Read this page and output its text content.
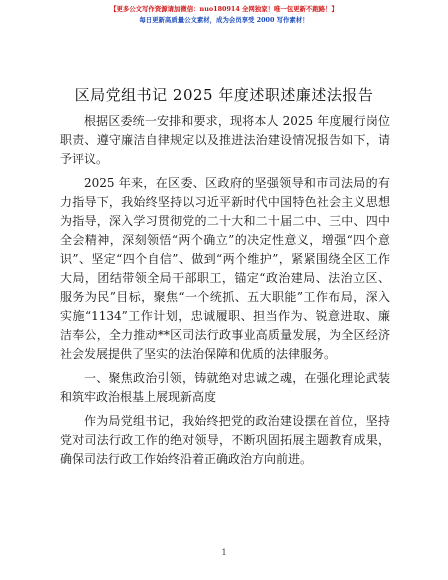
【更多公文写作资源请加微信：nuo180914 全网独家！唯一包更新不跑路！】
每日更新高质量公文素材，成为会员享受 2000 写作素材！
区局党组书记 2025 年度述职述廉述法报告

根据区委统一安排和要求，现将本人 2025 年度履行岗位职责、遵守廉洁自律规定以及推进法治建设情况报告如下，请予评议。

2025 年来，在区委、区政府的坚强领导和市司法局的有力指导下，我始终坚持以习近平新时代中国特色社会主义思想为指导，深入学习贯彻党的二十大和二十届二中、三中、四中全会精神，深刻领悟“两个确立”的决定性意义，增强“四个意识”、坚定“四个自信”、做到“两个维护”，紧紧围绕全区工作大局，团结带领全局干部职工，锚定“政治建局、法治立区、服务为民”目标，聚焦“一个统抓、五大职能”工作布局，深入实施“1134”工作计划，忠诚履职、担当作为、锐意进取、廉洁奉公，全力推动**区司法行政事业高质量发展，为全区经济社会发展提供了坚实的法治保障和优质的法律服务。

一、聚焦政治引领，铸就绝对忠诚之魂，在强化理论武装和筑牢政治根基上展现新高度

作为局党组书记，我始终把党的政治建设摆在首位，坚持党对司法行政工作的绝对领导，不断巩固拓展主题教育成果，确保司法行政工作始终沿着正确政治方向前进。

1
